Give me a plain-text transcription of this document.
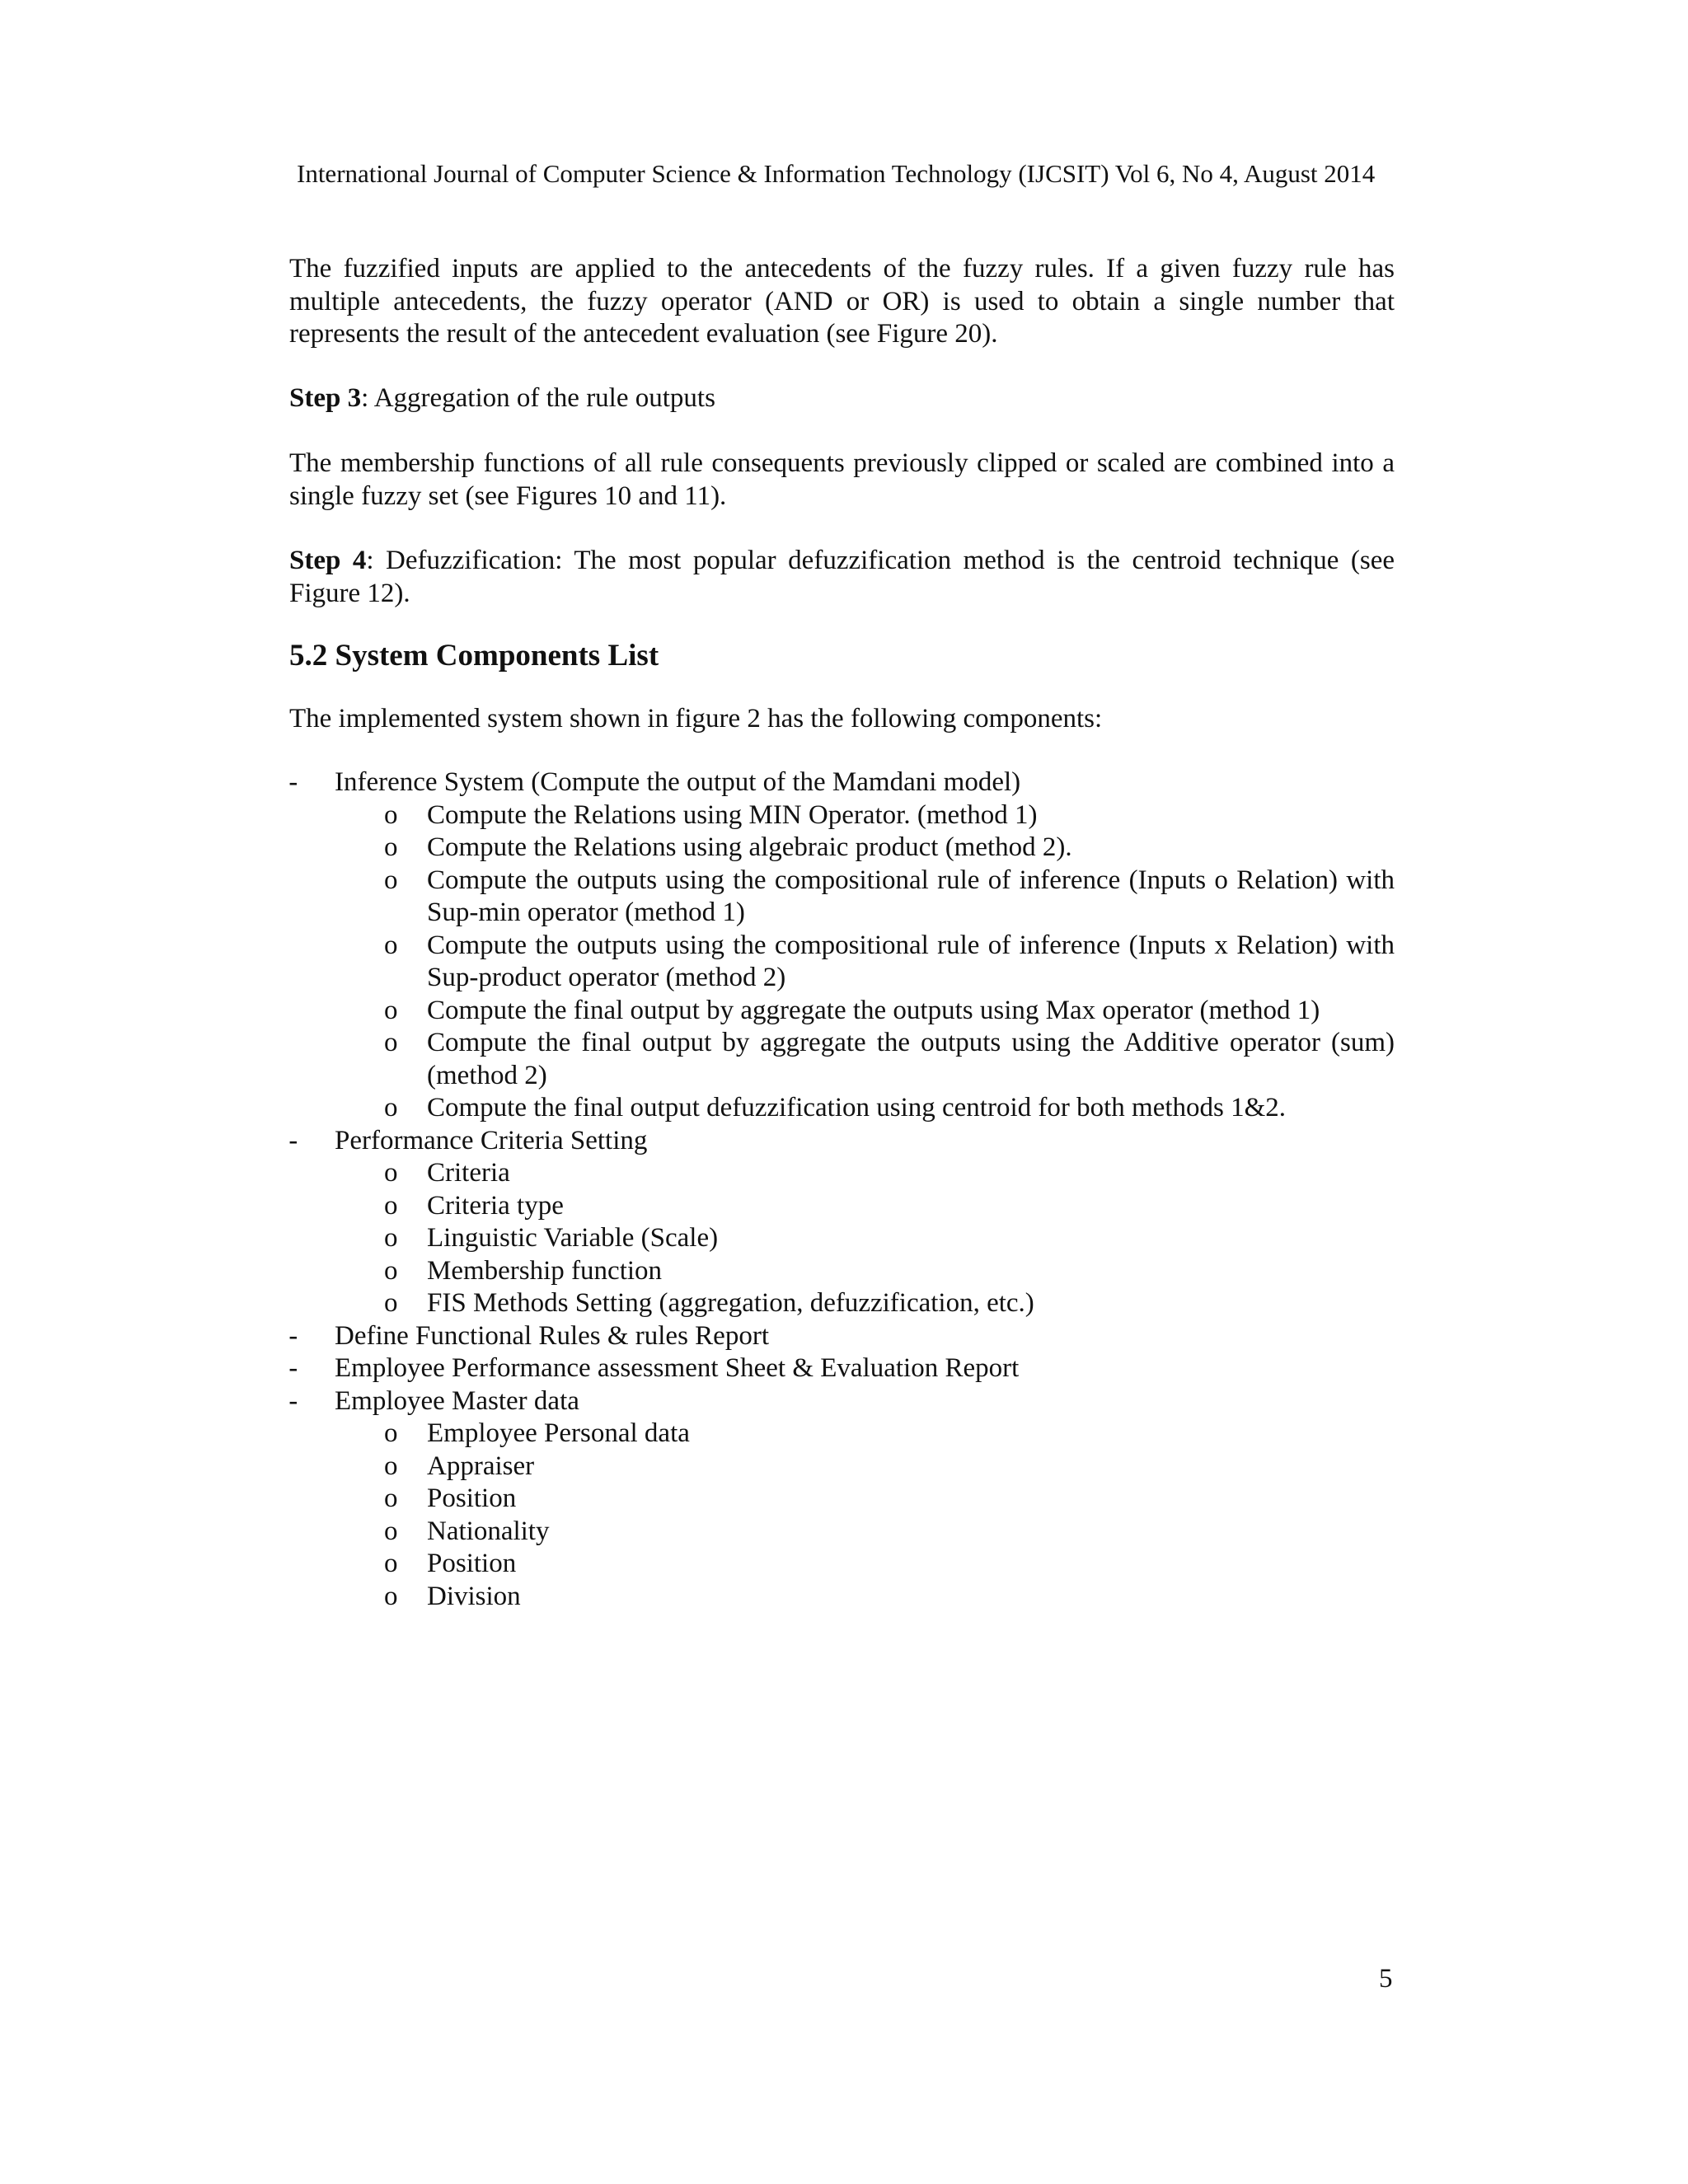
International Journal of Computer Science & Information Technology (IJCSIT) Vol 6, No 4, August 2014

The fuzzified inputs are applied to the antecedents of the fuzzy rules. If a given fuzzy rule has multiple antecedents, the fuzzy operator (AND or OR) is used to obtain a single number that represents the result of the antecedent evaluation (see Figure 20).

Step 3: Aggregation of the rule outputs

The membership functions of all rule consequents previously clipped or scaled are combined into a single fuzzy set (see Figures 10 and 11).

Step 4: Defuzzification: The most popular defuzzification method is the centroid technique (see Figure 12).

5.2 System Components List
The implemented system shown in figure 2 has the following components:
- Inference System (Compute the output of the Mamdani model)
o Compute the Relations using MIN Operator. (method 1)
o Compute the Relations using algebraic product (method 2).
o Compute the outputs using the compositional rule of inference (Inputs o Relation) with Sup-min operator (method 1)
o Compute the outputs using the compositional rule of inference (Inputs x Relation) with Sup-product operator (method 2)
o Compute the final output by aggregate the outputs using Max operator (method 1)
o Compute the final output by aggregate the outputs using the Additive operator (sum) (method 2)
o Compute the final output defuzzification using centroid for both methods 1&2.
- Performance Criteria Setting
o Criteria
o Criteria type
o Linguistic Variable (Scale)
o Membership function
o FIS Methods Setting (aggregation, defuzzification, etc.)
- Define Functional Rules & rules Report
- Employee Performance assessment Sheet & Evaluation Report
- Employee Master data
o Employee Personal data
o Appraiser
o Position
o Nationality
o Position
o Division
5
